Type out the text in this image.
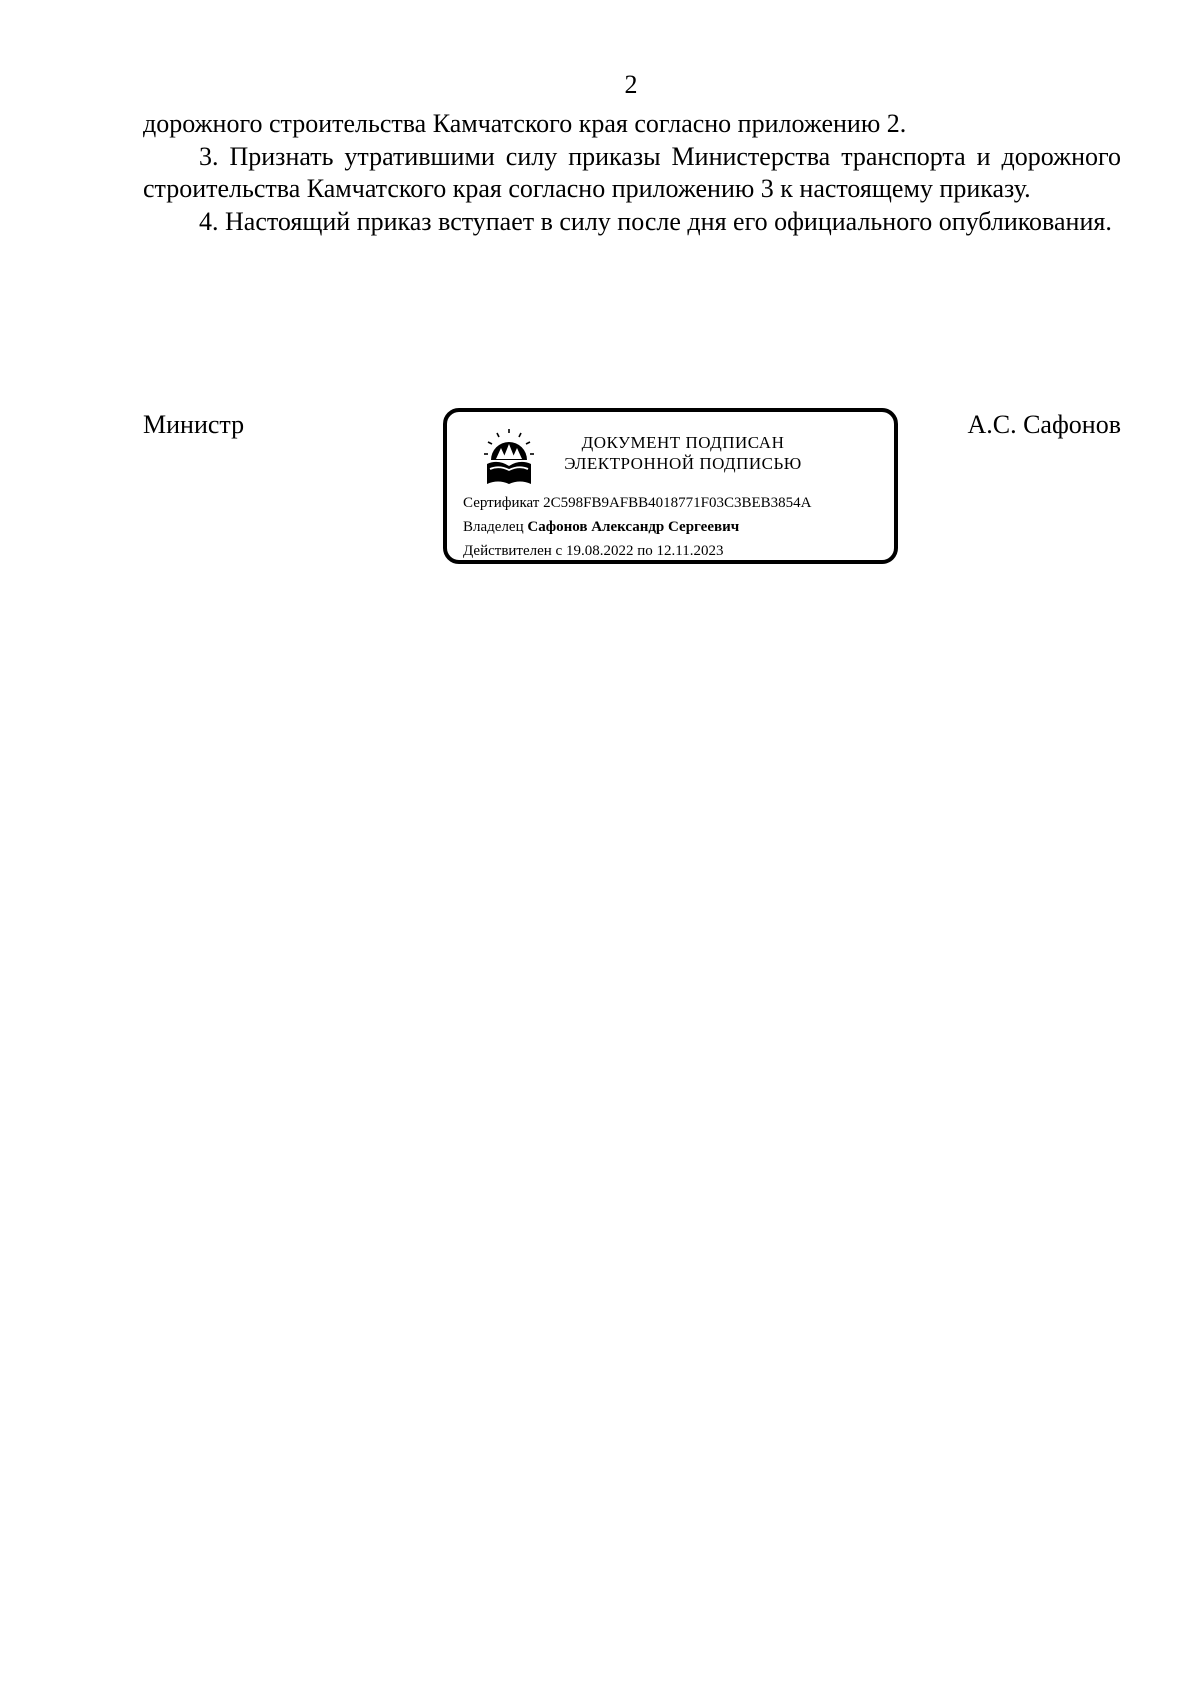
2

дорожного строительства Камчатского края согласно приложению 2.

3. Признать утратившими силу приказы Министерства транспорта и дорожного строительства Камчатского края согласно приложению 3 к настоящему приказу.

4. Настоящий приказ вступает в силу после дня его официального опубликования.

Министр
ДОКУМЕНТ ПОДПИСАН
ЭЛЕКТРОННОЙ ПОДПИСЬЮ
Сертификат 2C598FB9AFBB4018771F03C3BEB3854A
Владелец Сафонов Александр Сергеевич
Действителен с 19.08.2022 по 12.11.2023
А.С. Сафонов
